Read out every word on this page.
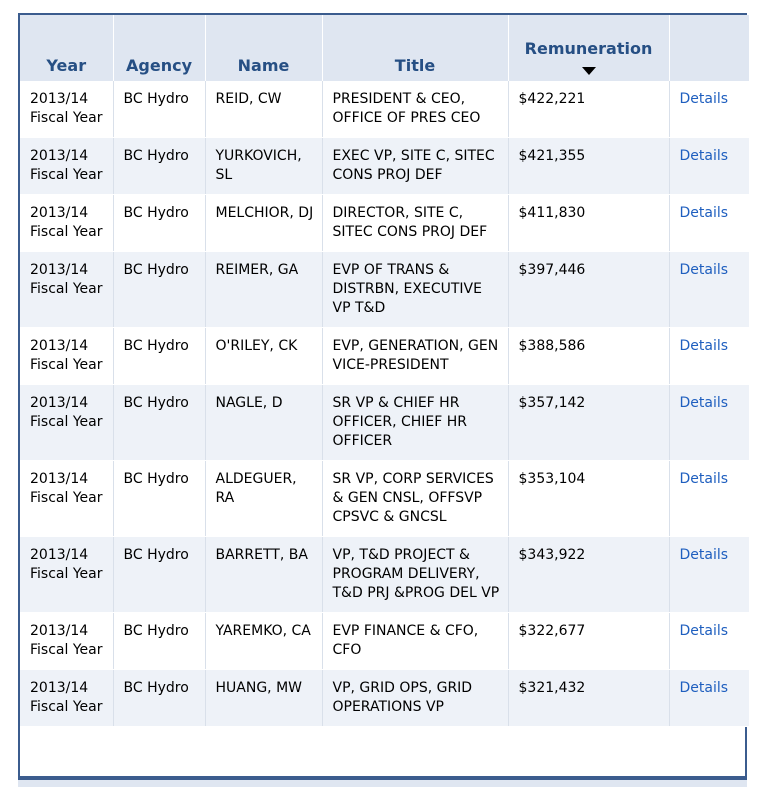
Year	Agency	Name	Title	Remuneration	

2013/14 Fiscal Year	BC Hydro	REID, CW	PRESIDENT & CEO, OFFICE OF PRES CEO	$422,221	Details
2013/14 Fiscal Year	BC Hydro	YURKOVICH, SL	EXEC VP, SITE C, SITEC CONS PROJ DEF	$421,355	Details
2013/14 Fiscal Year	BC Hydro	MELCHIOR, DJ	DIRECTOR, SITE C, SITEC CONS PROJ DEF	$411,830	Details
2013/14 Fiscal Year	BC Hydro	REIMER, GA	EVP OF TRANS & DISTRBN, EXECUTIVE VP T&D	$397,446	Details
2013/14 Fiscal Year	BC Hydro	O'RILEY, CK	EVP, GENERATION, GEN VICE-PRESIDENT	$388,586	Details
2013/14 Fiscal Year	BC Hydro	NAGLE, D	SR VP & CHIEF HR OFFICER, CHIEF HR OFFICER	$357,142	Details
2013/14 Fiscal Year	BC Hydro	ALDEGUER, RA	SR VP, CORP SERVICES & GEN CNSL, OFFSVP CPSVC & GNCSL	$353,104	Details
2013/14 Fiscal Year	BC Hydro	BARRETT, BA	VP, T&D PROJECT & PROGRAM DELIVERY, T&D PRJ &PROG DEL VP	$343,922	Details
2013/14 Fiscal Year	BC Hydro	YAREMKO, CA	EVP FINANCE & CFO, CFO	$322,677	Details
2013/14 Fiscal Year	BC Hydro	HUANG, MW	VP, GRID OPS, GRID OPERATIONS VP	$321,432	Details
